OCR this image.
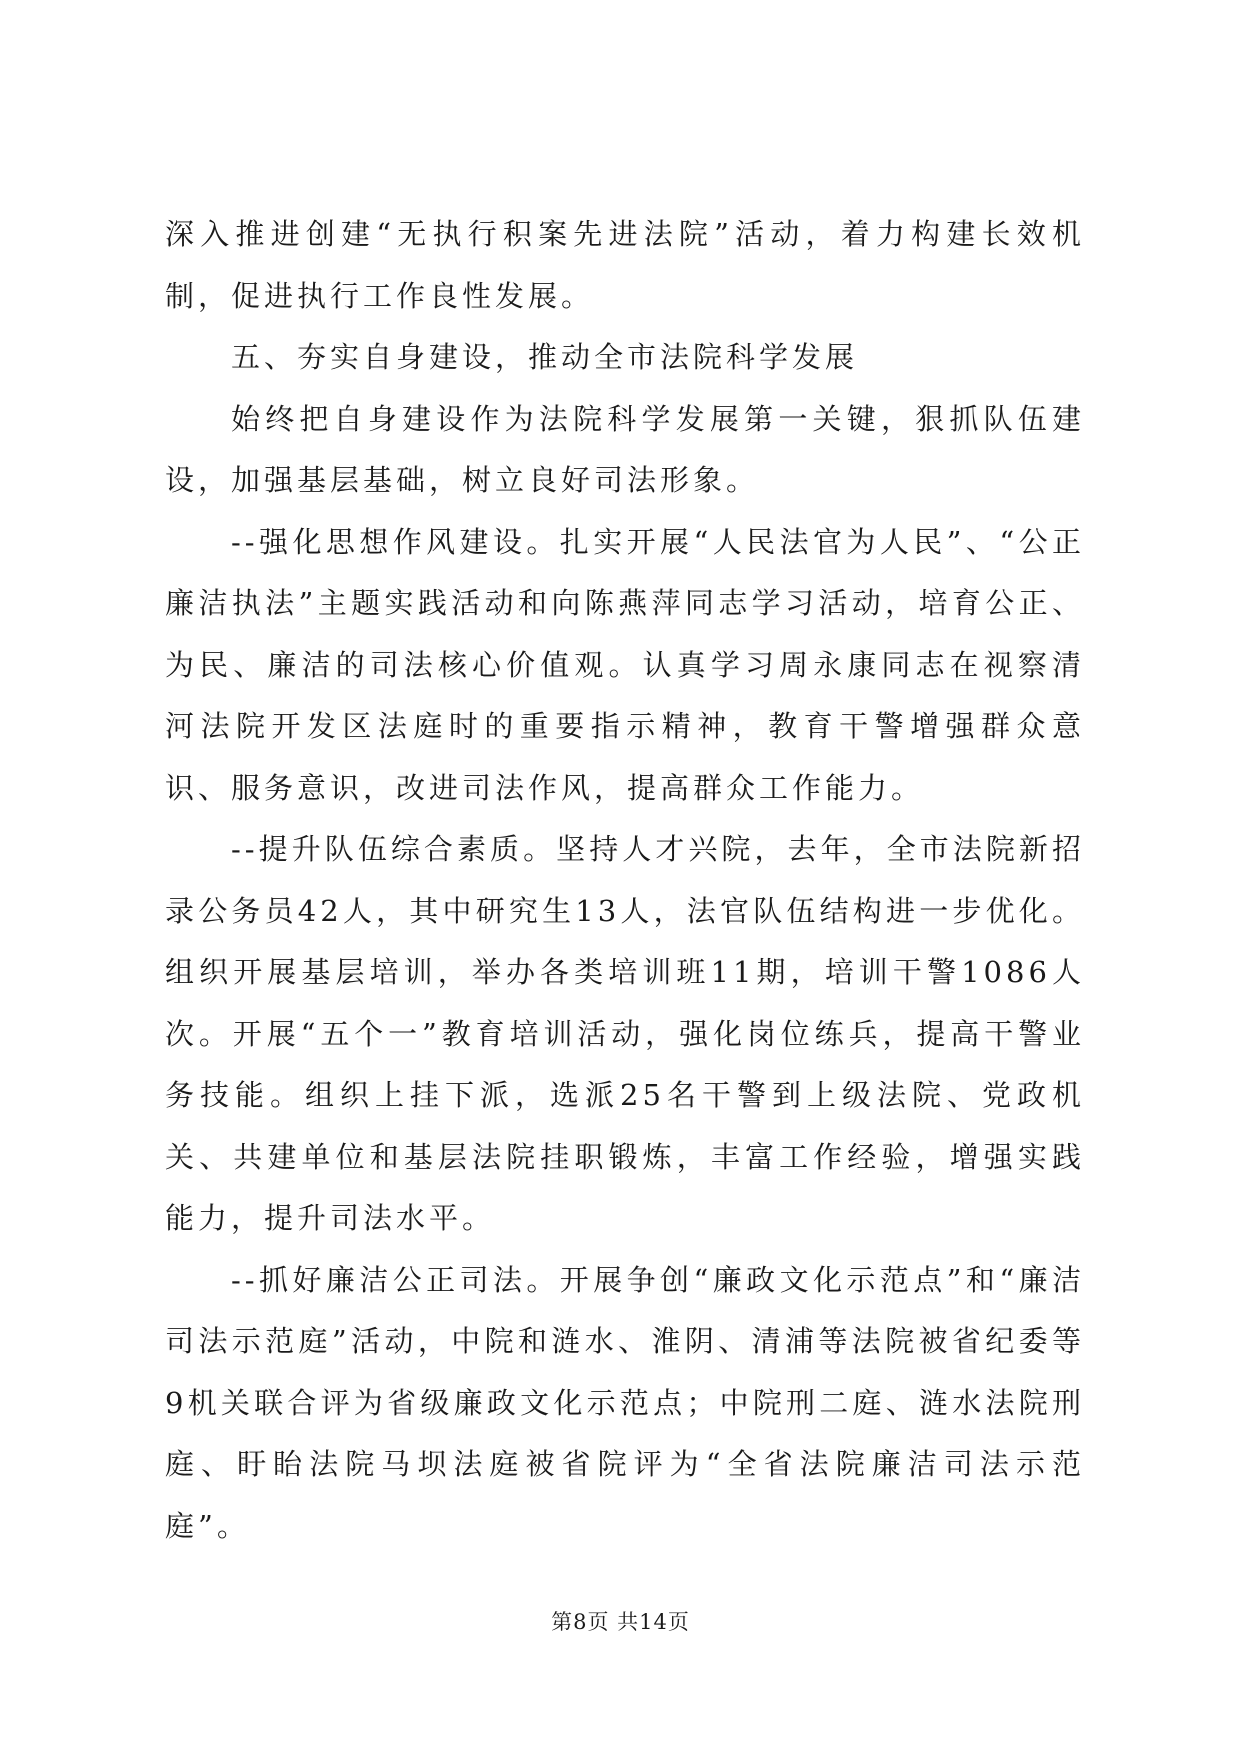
深入推进创建“无执行积案先进法院”活动，着力构建长效机制，促进执行工作良性发展。

五、夯实自身建设，推动全市法院科学发展

始终把自身建设作为法院科学发展第一关键，狠抓队伍建设，加强基层基础，树立良好司法形象。

--强化思想作风建设。扎实开展“人民法官为人民”、“公正廉洁执法”主题实践活动和向陈燕萍同志学习活动，培育公正、为民、廉洁的司法核心价值观。认真学习周永康同志在视察清河法院开发区法庭时的重要指示精神，教育干警增强群众意识、服务意识，改进司法作风，提高群众工作能力。

--提升队伍综合素质。坚持人才兴院，去年，全市法院新招录公务员42人，其中研究生13人，法官队伍结构进一步优化。组织开展基层培训，举办各类培训班11期，培训干警1086人次。开展“五个一”教育培训活动，强化岗位练兵，提高干警业务技能。组织上挂下派，选派25名干警到上级法院、党政机关、共建单位和基层法院挂职锻炼，丰富工作经验，增强实践能力，提升司法水平。

--抓好廉洁公正司法。开展争创“廉政文化示范点”和“廉洁司法示范庭”活动，中院和涟水、淮阴、清浦等法院被省纪委等9机关联合评为省级廉政文化示范点；中院刑二庭、涟水法院刑庭、盱眙法院马坝法庭被省院评为“全省法院廉洁司法示范庭”。

第8页 共14页
